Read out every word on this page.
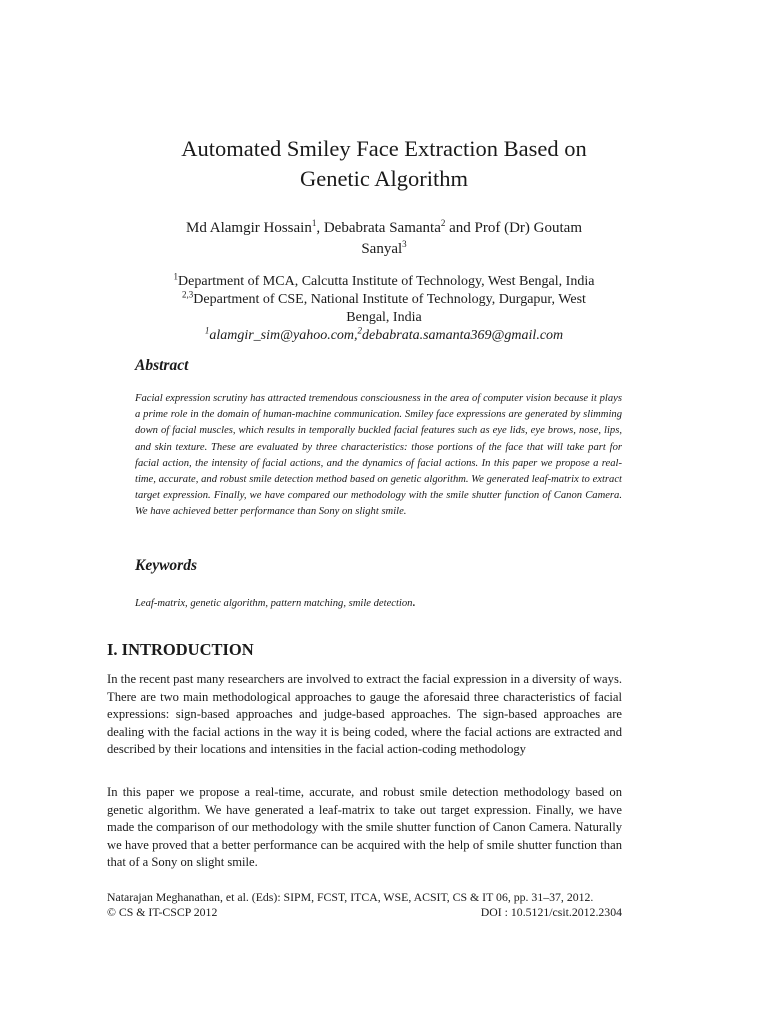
Automated Smiley Face Extraction Based on
Genetic Algorithm
Md Alamgir Hossain$^1$, Debabrata Samanta$^2$ and Prof (Dr) Goutam
Sanyal$^3$
$^1$Department of MCA, Calcutta Institute of Technology, West Bengal, India
$^{2,3}$Department of CSE, National Institute of Technology, Durgapur, West
Bengal, India
$^1$alamgir_sim@yahoo.com,$^2$debabrata.samanta369@gmail.com
Abstract

Facial expression scrutiny has attracted tremendous consciousness in the area of computer vision because it plays a prime role in the domain of human-machine communication. Smiley face expressions are generated by slimming down of facial muscles, which results in temporally buckled facial features such as eye lids, eye brows, nose, lips, and skin texture. These are evaluated by three characteristics: those portions of the face that will take part for facial action, the intensity of facial actions, and the dynamics of facial actions. In this paper we propose a real-time, accurate, and robust smile detection method based on genetic algorithm. We generated leaf-matrix to extract target expression. Finally, we have compared our methodology with the smile shutter function of Canon Camera. We have achieved better performance than Sony on slight smile.

Keywords

Leaf-matrix, genetic algorithm, pattern matching, smile detection.

I. INTRODUCTION

In the recent past many researchers are involved to extract the facial expression in a diversity of ways. There are two main methodological approaches to gauge the aforesaid three characteristics of facial expressions: sign-based approaches and judge-based approaches. The sign-based approaches are dealing with the facial actions in the way it is being coded, where the facial actions are extracted and described by their locations and intensities in the facial action-coding methodology

In this paper we propose a real-time, accurate, and robust smile detection methodology based on genetic algorithm. We have generated a leaf-matrix to take out target expression. Finally, we have made the comparison of our methodology with the smile shutter function of Canon Camera. Naturally we have proved that a better performance can be acquired with the help of smile shutter function than that of a Sony on slight smile.

Natarajan Meghanathan, et al. (Eds): SIPM, FCST, ITCA, WSE, ACSIT, CS & IT 06, pp. 31–37, 2012.
© CS & IT-CSCP 2012	DOI : 10.5121/csit.2012.2304
